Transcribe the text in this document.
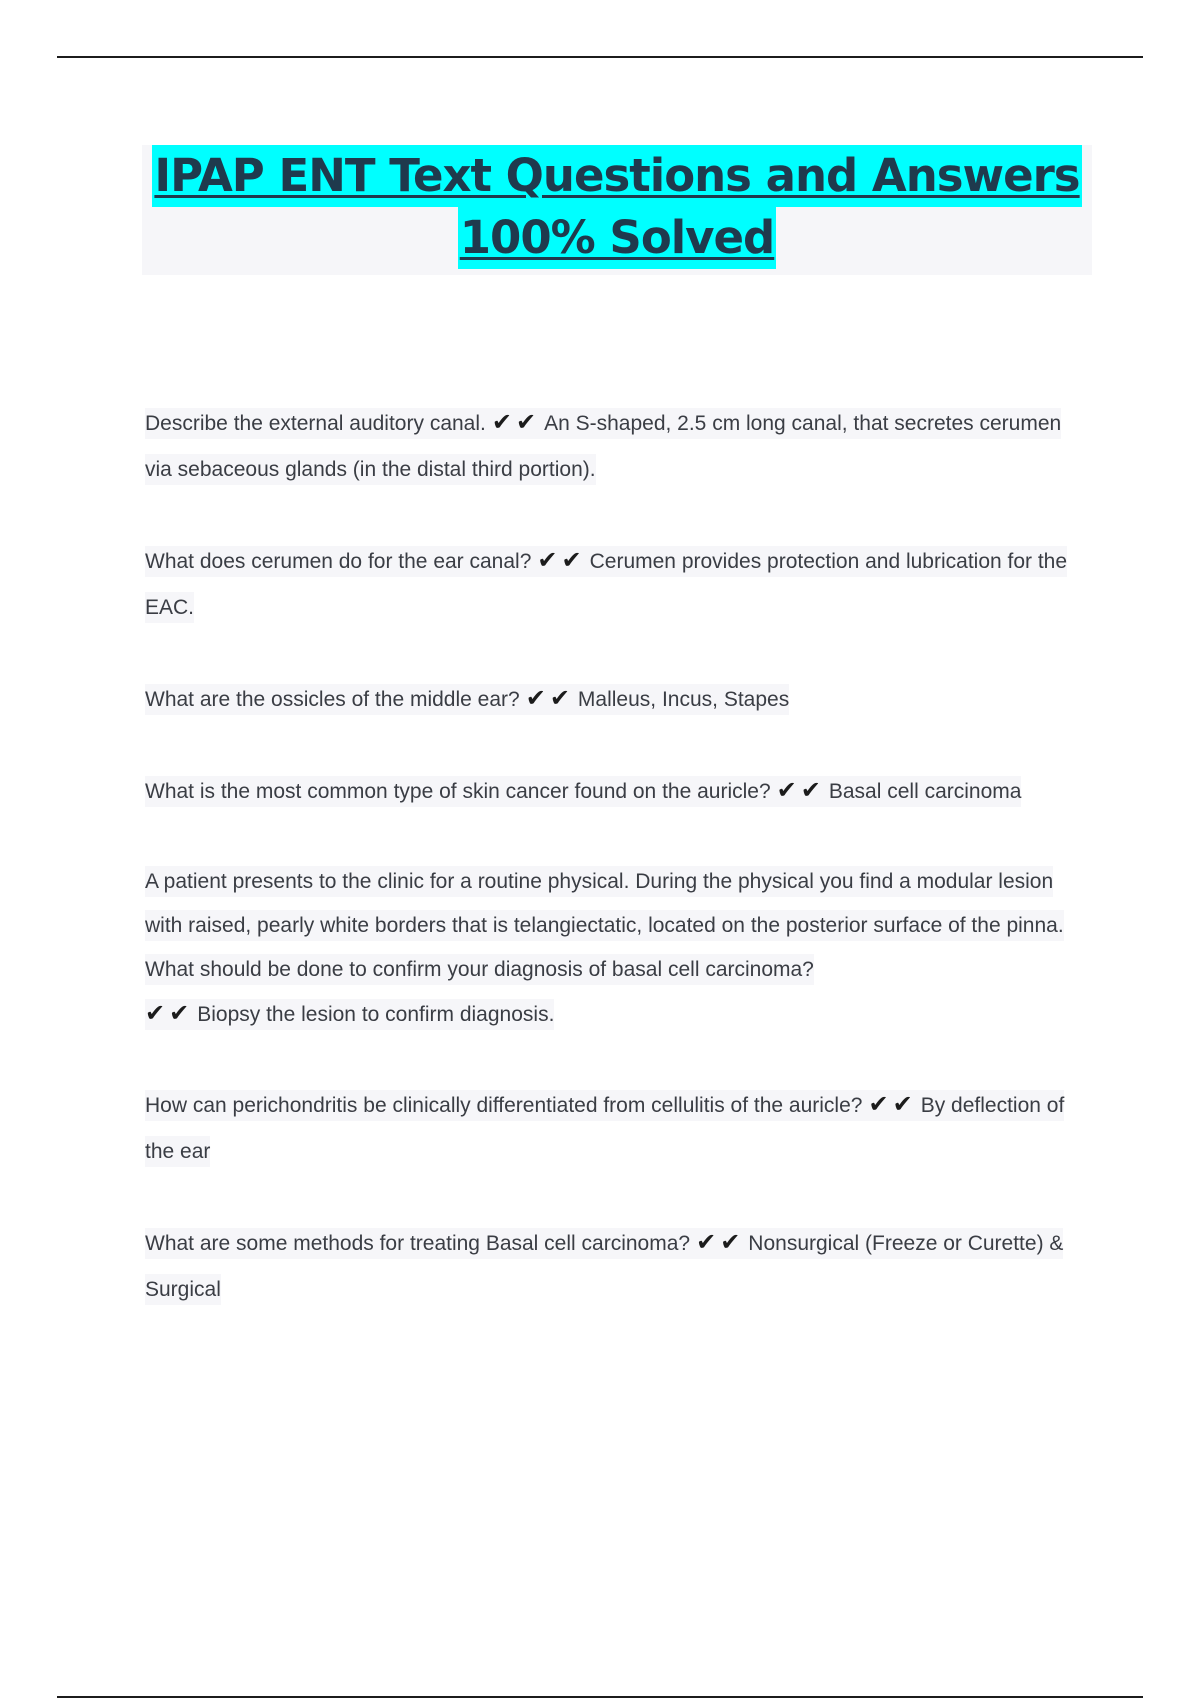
IPAP ENT Text Questions and Answers
100% Solved
Describe the external auditory canal. ✔✔ An S-shaped, 2.5 cm long canal, that secretes cerumen via sebaceous glands (in the distal third portion).
What does cerumen do for the ear canal? ✔✔ Cerumen provides protection and lubrication for the EAC.
What are the ossicles of the middle ear? ✔✔ Malleus, Incus, Stapes
What is the most common type of skin cancer found on the auricle? ✔✔ Basal cell carcinoma
A patient presents to the clinic for a routine physical. During the physical you find a modular lesion with raised, pearly white borders that is telangiectatic, located on the posterior surface of the pinna. What should be done to confirm your diagnosis of basal cell carcinoma?
✔✔ Biopsy the lesion to confirm diagnosis.
How can perichondritis be clinically differentiated from cellulitis of the auricle? ✔✔ By deflection of the ear
What are some methods for treating Basal cell carcinoma? ✔✔ Nonsurgical (Freeze or Curette) & Surgical
